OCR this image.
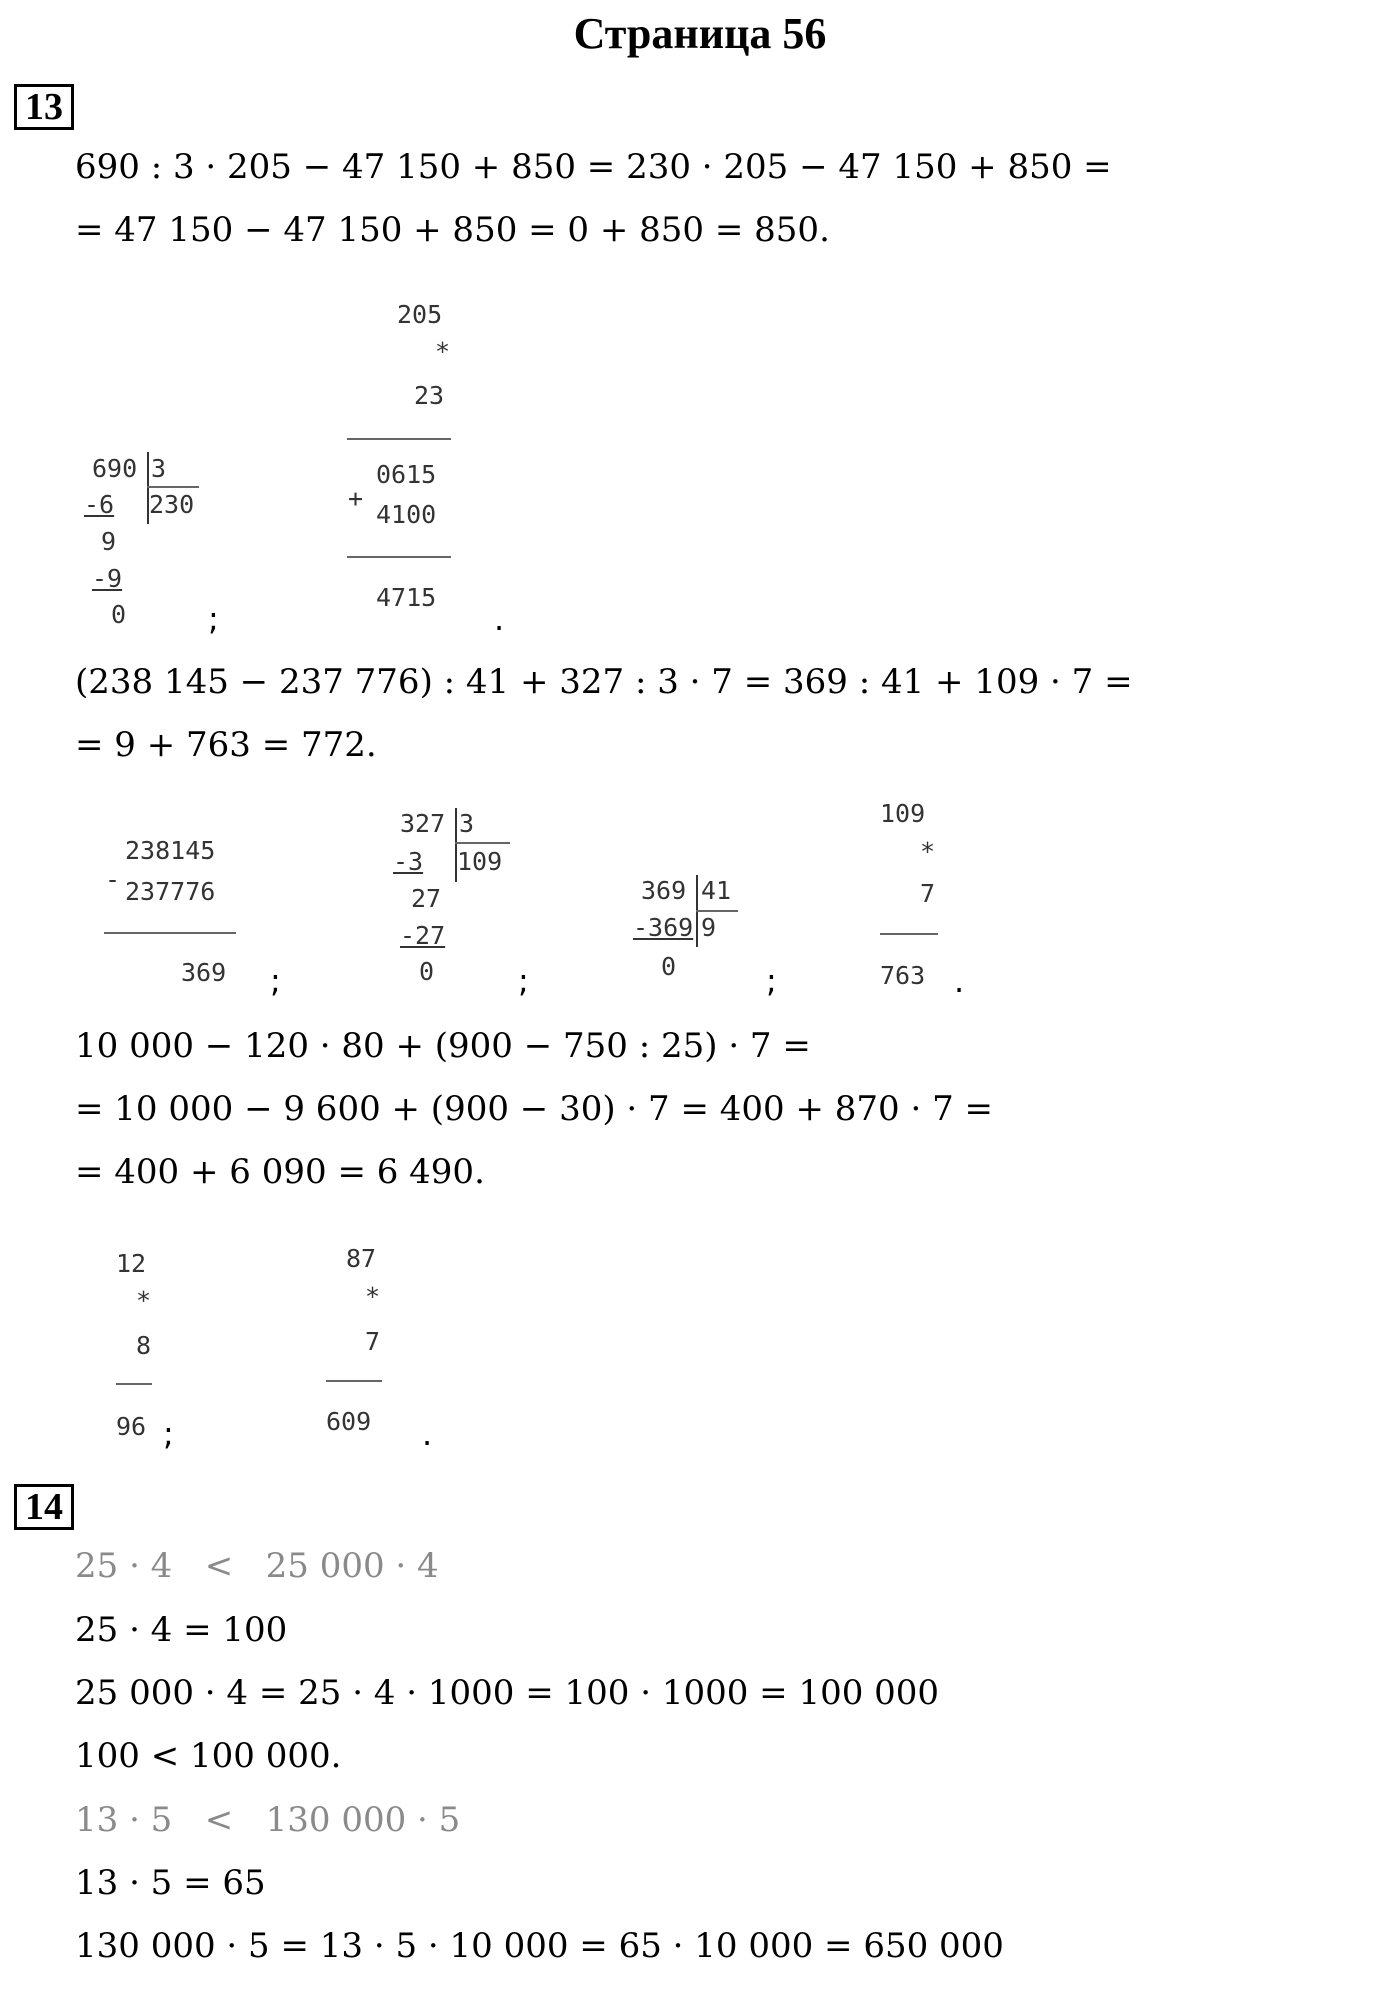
Страница 56
13
690 : 3 · 205 − 47 150 + 850 = 230 · 205 − 47 150 + 850 =
= 47 150 − 47 150 + 850 = 0 + 850 = 850.
690 3
230
-6
9
-9
0	;
205
*
23
0615
+
4100
4715
.
(238 145 − 237 776) : 41 + 327 : 3 · 7 = 369 : 41 + 109 · 7 =
= 9 + 763 = 772.
-
238145
237776
369 ;
327 3
109
-3
27
-27
0	;
369 41
9
-369
0	;
109
*
7
763 .
10 000 − 120 · 80 + (900 − 750 : 25) · 7 =
= 10 000 − 9 600 + (900 − 30) · 7 = 400 + 870 · 7 =
= 400 + 6 090 = 6 490.
12
*
8
96 ;
87
*
7
609 .
14
25 · 4   <   25 000 · 4
25 · 4 = 100
25 000 · 4 = 25 · 4 · 1000 = 100 · 1000 = 100 000
100 < 100 000.
13 · 5   <   130 000 · 5
13 · 5 = 65
130 000 · 5 = 13 · 5 · 10 000 = 65 · 10 000 = 650 000
